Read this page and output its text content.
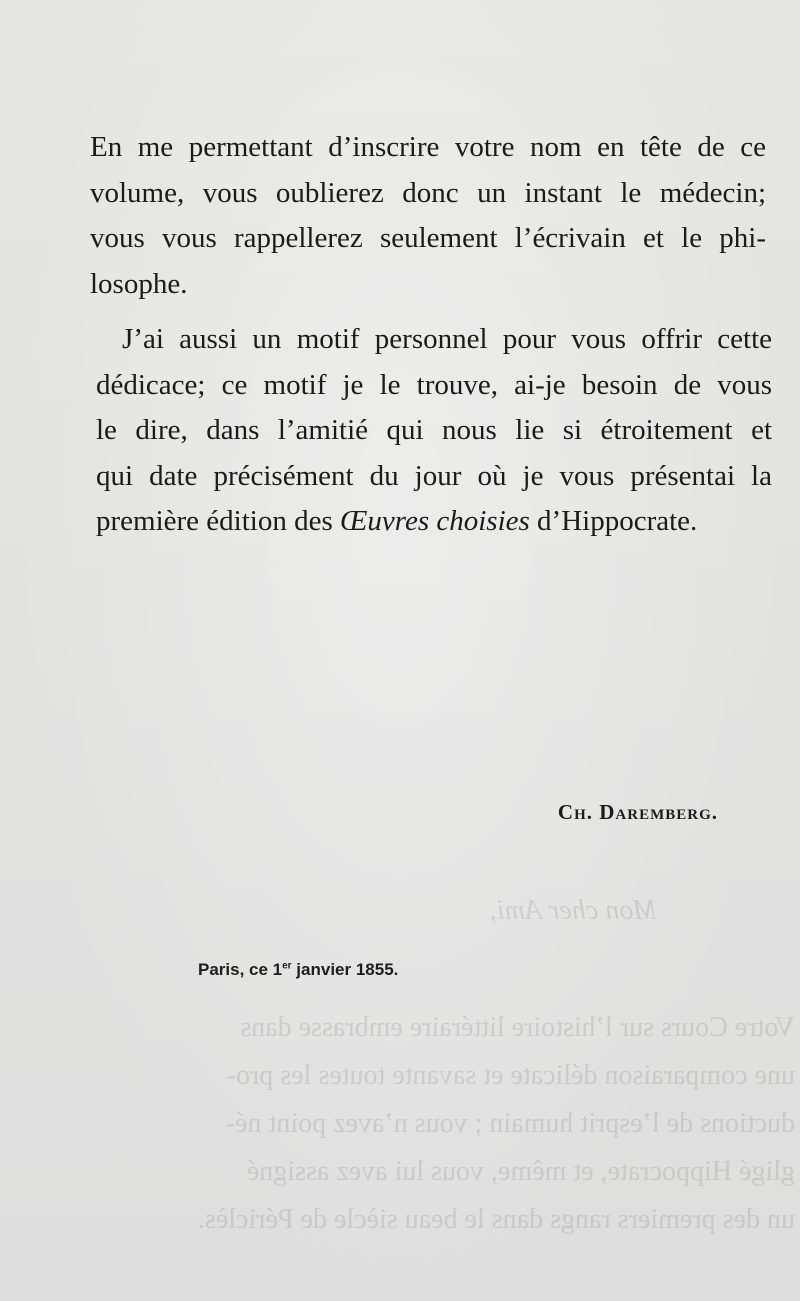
Mon cher Ami,
Votre Cours sur l’histoire littéraire embrasse dans
une comparaison délicate et savante toutes les pro-
ductions de l’esprit humain ; vous n’avez point né-
gligé Hippocrate, et même, vous lui avez assigné
un des premiers rangs dans le beau siècle de Périclès.

En me permettant d’inscrire votre nom en tête de ce
volume, vous oublierez donc un instant le médecin;
vous vous rappellerez seulement l’écrivain et le phi-
losophe.

J’ai aussi un motif personnel pour vous offrir cette
dédicace; ce motif je le trouve, ai-je besoin de vous
le dire, dans l’amitié qui nous lie si étroitement et
qui date précisément du jour où je vous présentai la
première édition des Œuvres choisies d’Hippocrate.

Ch. Daremberg.
Paris, ce 1er janvier 1855.
